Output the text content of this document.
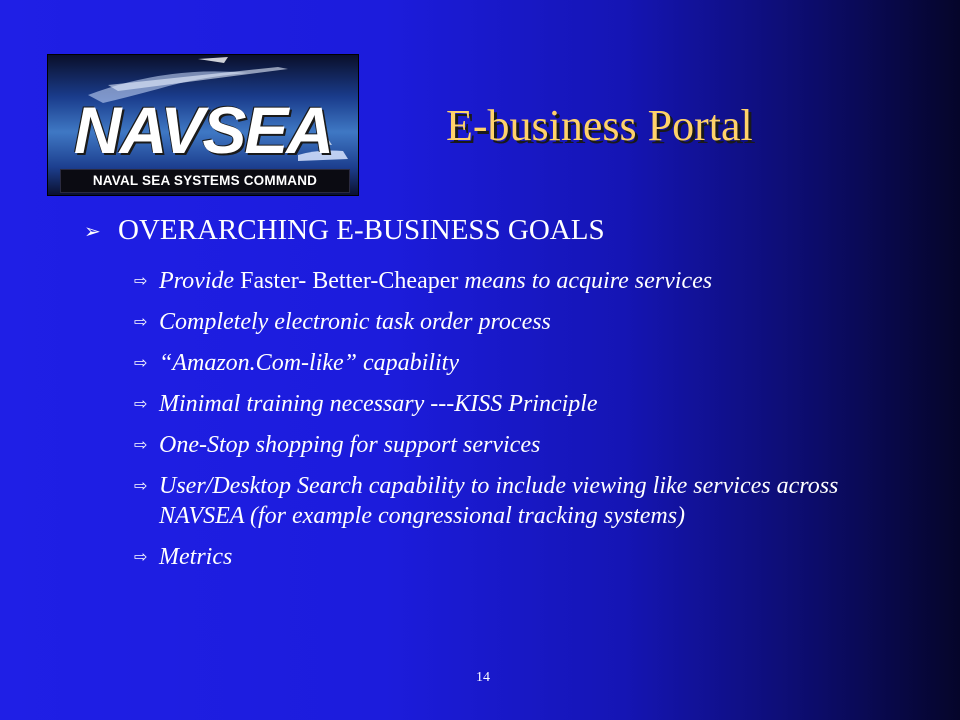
NAVSEA
NAVAL SEA SYSTEMS COMMAND
E-business Portal
➢ OVERARCHING E-BUSINESS GOALS
⇨ Provide Faster- Better-Cheaper means to acquire services
⇨ Completely electronic task order process
⇨ “Amazon.Com-like” capability
⇨ Minimal training necessary ---KISS Principle
⇨ One-Stop shopping for support services
⇨ User/Desktop Search capability to include viewing like services across NAVSEA (for example congressional tracking systems)
⇨ Metrics
14
